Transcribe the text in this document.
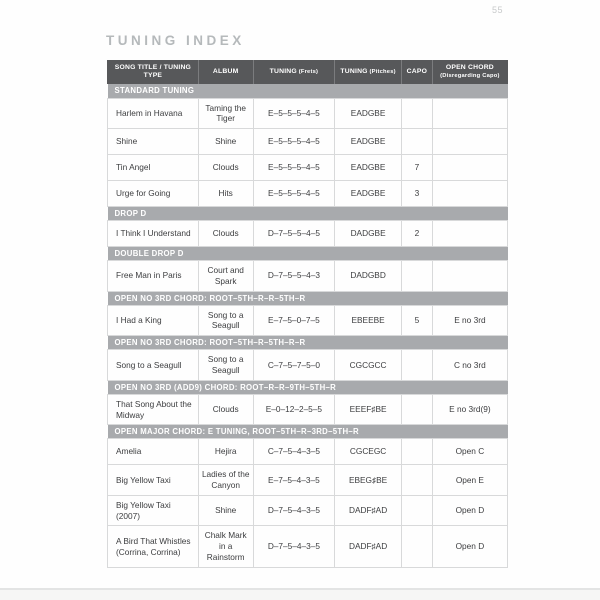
55
TUNING INDEX
SONG TITLE / TUNING TYPE	ALBUM	TUNING (Frets)	TUNING (Pitches)	CAPO	OPEN CHORD
(Disregarding Capo)

STANDARD TUNING					
Harlem in Havana	Taming the Tiger	E–5–5–5–4–5	EADGBE		
Shine	Shine	E–5–5–5–4–5	EADGBE		
Tin Angel	Clouds	E–5–5–5–4–5	EADGBE	7	
Urge for Going	Hits	E–5–5–5–4–5	EADGBE	3	
DROP D					
I Think I Understand	Clouds	D–7–5–5–4–5	DADGBE	2	
DOUBLE DROP D					
Free Man in Paris	Court and Spark	D–7–5–5–4–3	DADGBD		
OPEN NO 3RD CHORD: ROOT–5TH–R–R–5TH–R					
I Had a King	Song to a Seagull	E–7–5–0–7–5	EBEEBE	5	E no 3rd
OPEN NO 3RD CHORD: ROOT–5TH–R–5TH–R–R					
Song to a Seagull	Song to a Seagull	C–7–5–7–5–0	CGCGCC		C no 3rd
OPEN NO 3RD (ADD9) CHORD: ROOT–R–R–9TH–5TH–R					
That Song About the Midway	Clouds	E–0–12–2–5–5	EEEF♯BE		E no 3rd(9)
OPEN MAJOR CHORD: E TUNING, ROOT–5TH–R–3RD–5TH–R					
Amelia	Hejira	C–7–5–4–3–5	CGCEGC		Open C
Big Yellow Taxi	Ladies of the Canyon	E–7–5–4–3–5	EBEG♯BE		Open E
Big Yellow Taxi (2007)	Shine	D–7–5–4–3–5	DADF♯AD		Open D
A Bird That Whistles (Corrina, Corrina)	Chalk Mark in a Rainstorm	D–7–5–4–3–5	DADF♯AD		Open D
